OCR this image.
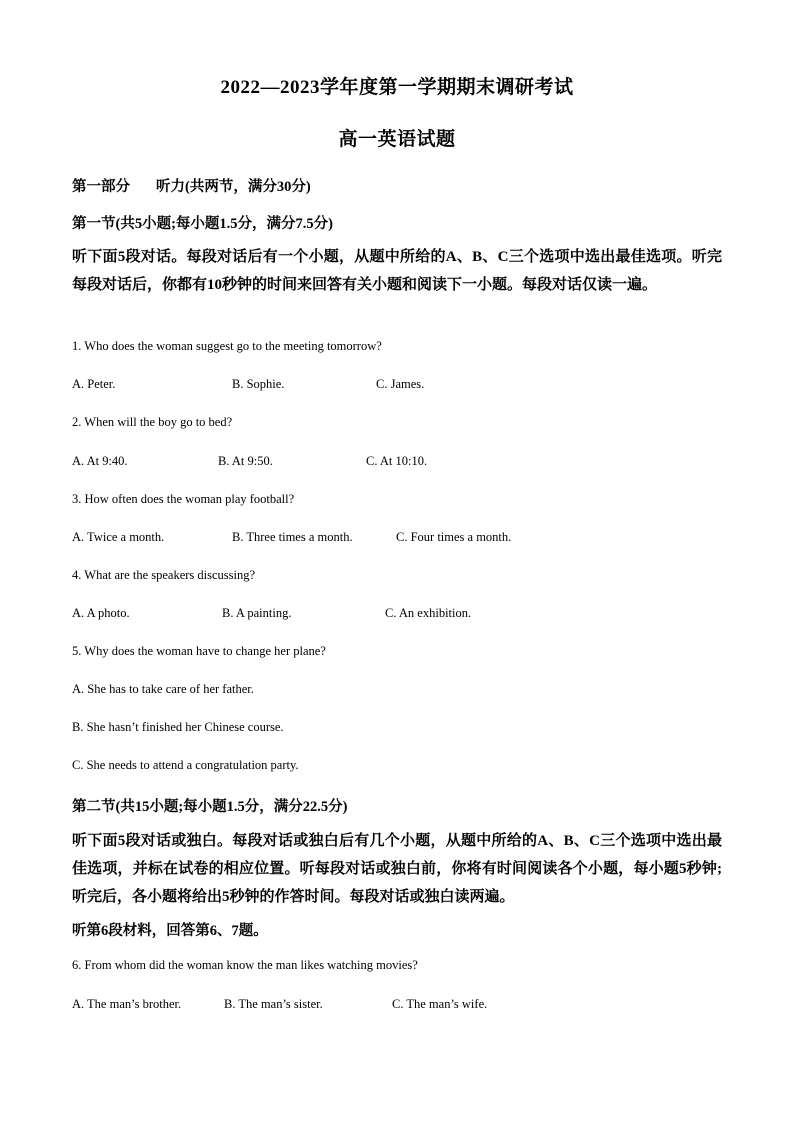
2022—2023学年度第一学期期末调研考试
高一英语试题
第一部分 听力(共两节，满分30分)
第一节(共5小题;每小题1.5分，满分7.5分)
听下面5段对话。每段对话后有一个小题，从题中所给的A、B、C三个选项中选出最佳选项。听完每段对话后，你都有10秒钟的时间来回答有关小题和阅读下一小题。每段对话仅读一遍。
1. Who does the woman suggest go to the meeting tomorrow?
A. Peter.	B. Sophie.	C. James.
2. When will the boy go to bed?
A. At 9:40.	B. At 9:50.	C. At 10:10.
3. How often does the woman play football?
A. Twice a month.	B. Three times a month.	C. Four times a month.
4. What are the speakers discussing?
A. A photo.	B. A painting.	C. An exhibition.
5. Why does the woman have to change her plane?
A. She has to take care of her father.
B. She hasn’t finished her Chinese course.
C. She needs to attend a congratulation party.
第二节(共15小题;每小题1.5分，满分22.5分)
听下面5段对话或独白。每段对话或独白后有几个小题，从题中所给的A、B、C三个选项中选出最佳选项，并标在试卷的相应位置。听每段对话或独白前，你将有时间阅读各个小题，每小题5秒钟;听完后，各小题将给出5秒钟的作答时间。每段对话或独白读两遍。
听第6段材料，回答第6、7题。
6. From whom did the woman know the man likes watching movies?
A. The man’s brother.	B. The man’s sister.	C. The man’s wife.
